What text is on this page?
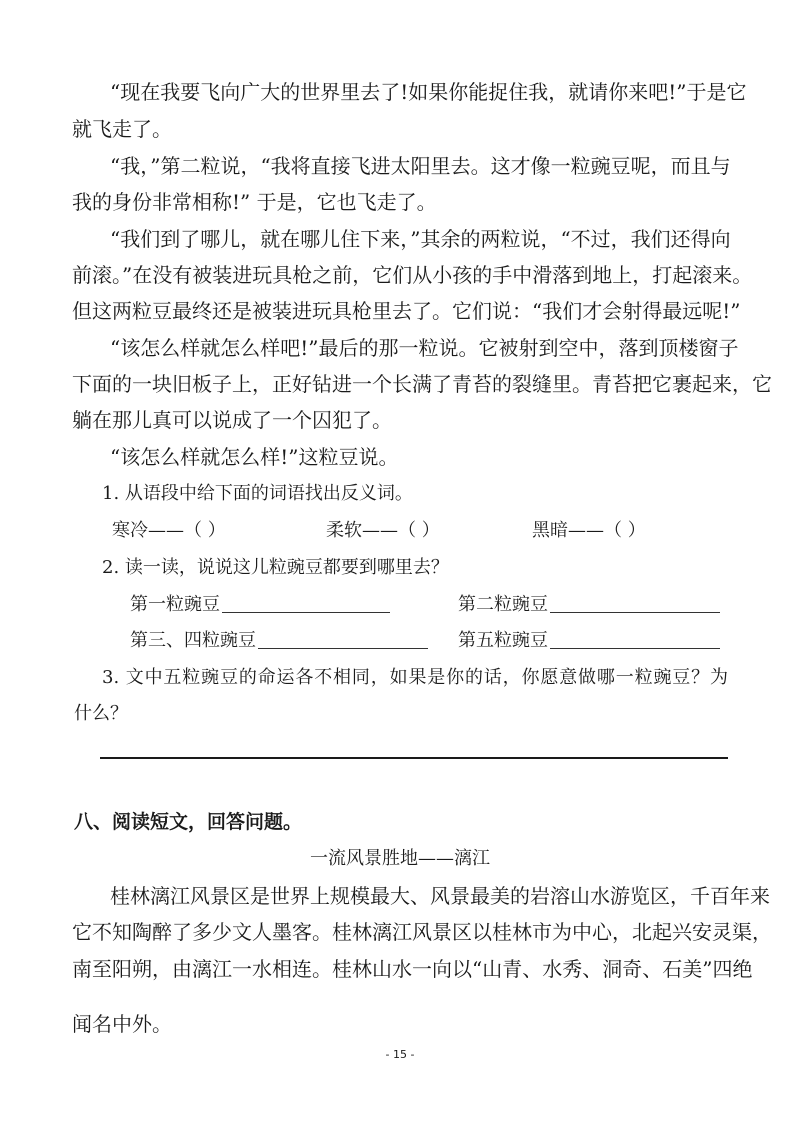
“现在我要飞向广大的世界里去了!如果你能捉住我，就请你来吧!”于是它
就飞走了。
“我，”第二粒说，“我将直接飞进太阳里去。这才像一粒豌豆呢，而且与
我的身份非常相称!” 于是，它也飞走了。
“我们到了哪儿，就在哪儿住下来，”其余的两粒说，“不过，我们还得向
前滚。”在没有被装进玩具枪之前，它们从小孩的手中滑落到地上，打起滚来。
但这两粒豆最终还是被装进玩具枪里去了。它们说：“我们才会射得最远呢!”
“该怎么样就怎么样吧!”最后的那一粒说。它被射到空中，落到顶楼窗子
下面的一块旧板子上，正好钻进一个长满了青苔的裂缝里。青苔把它裹起来，它
躺在那儿真可以说成了一个囚犯了。
“该怎么样就怎么样!”这粒豆说。
1. 从语段中给下面的词语找出反义词。
寒冷——（ ）	柔软——（ ）	黑暗——（ ）
2. 读一读，说说这儿粒豌豆都要到哪里去？
第一粒豌豆	第二粒豌豆
第三、四粒豌豆	第五粒豌豆
3. 文中五粒豌豆的命运各不相同，如果是你的话，你愿意做哪一粒豌豆？为
什么？
八、阅读短文，回答问题。
一流风景胜地——漓江
桂林漓江风景区是世界上规模最大、风景最美的岩溶山水游览区，千百年来
它不知陶醉了多少文人墨客。桂林漓江风景区以桂林市为中心，北起兴安灵渠，
南至阳朔，由漓江一水相连。桂林山水一向以“山青、水秀、洞奇、石美”四绝
闻名中外。
- 15 -
